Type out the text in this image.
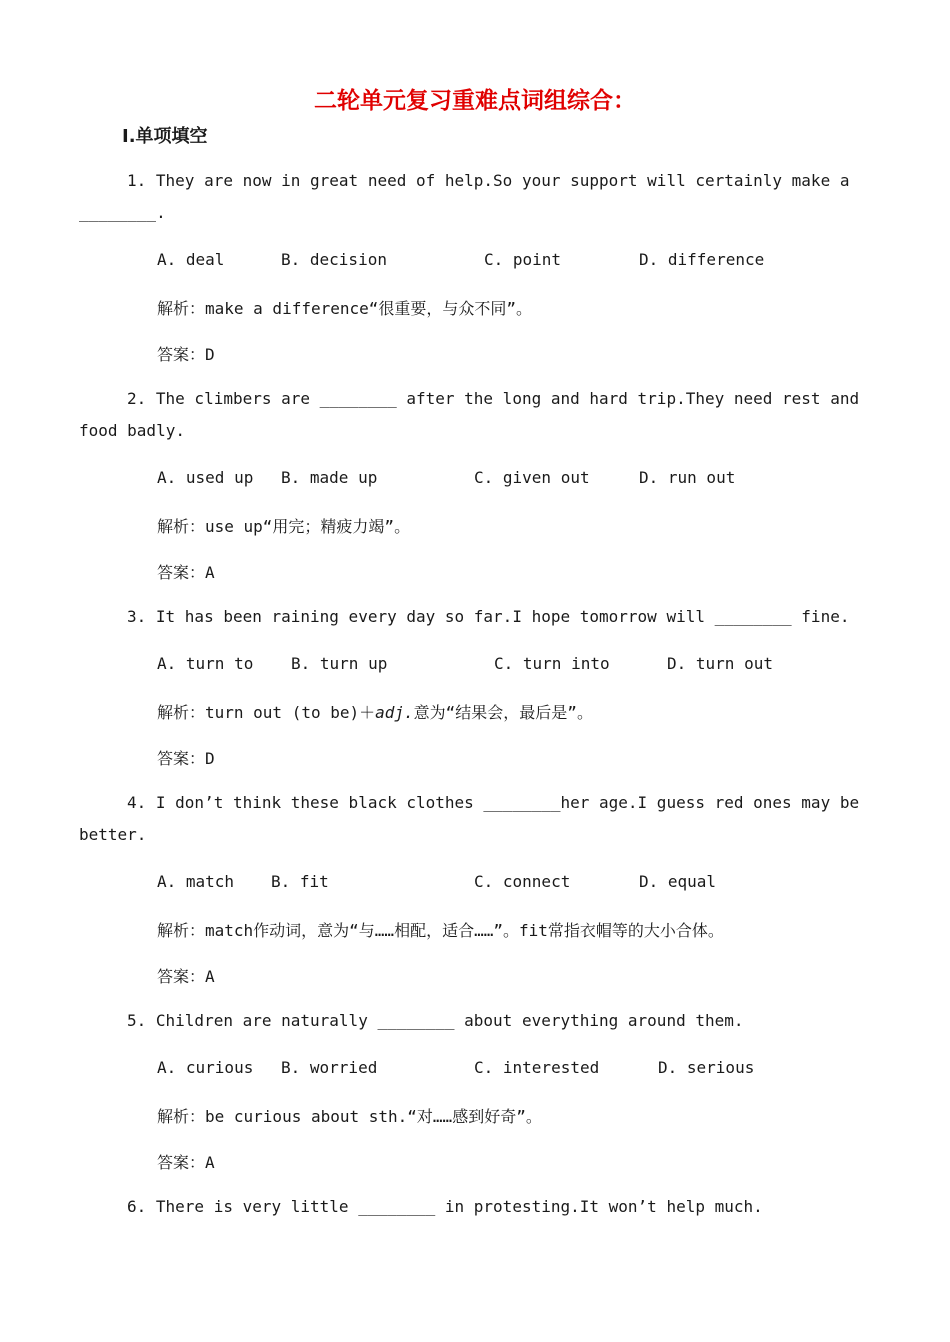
二轮单元复习重难点词组综合：
Ⅰ.单项填空
1. They are now in great need of help.So your support will certainly make a
________.
A. deal	B. decision	C. point	D. difference
解析：make a difference“很重要，与众不同”。
答案：D
2. The climbers are ________ after the long and hard trip.They need rest and
food badly.
A. used up B. made up	C. given out	D. run out
解析：use up“用完；精疲力竭”。
答案：A
3. It has been raining every day so far.I hope tomorrow will ________ fine.
A. turn to B. turn up	C. turn into	D. turn out
解析：turn out (to be)＋adj.意为“结果会，最后是”。
答案：D
4. I don’t think these black clothes ________her age.I guess red ones may be
better.
A. match B. fit	C. connect	D. equal
解析：match作动词，意为“与……相配，适合……”。fit常指衣帽等的大小合体。
答案：A
5. Children are naturally ________ about everything around them.
A. curious B. worried	C. interested	D. serious
解析：be curious about sth.“对……感到好奇”。
答案：A
6. There is very little ________ in protesting.It won’t help much.
